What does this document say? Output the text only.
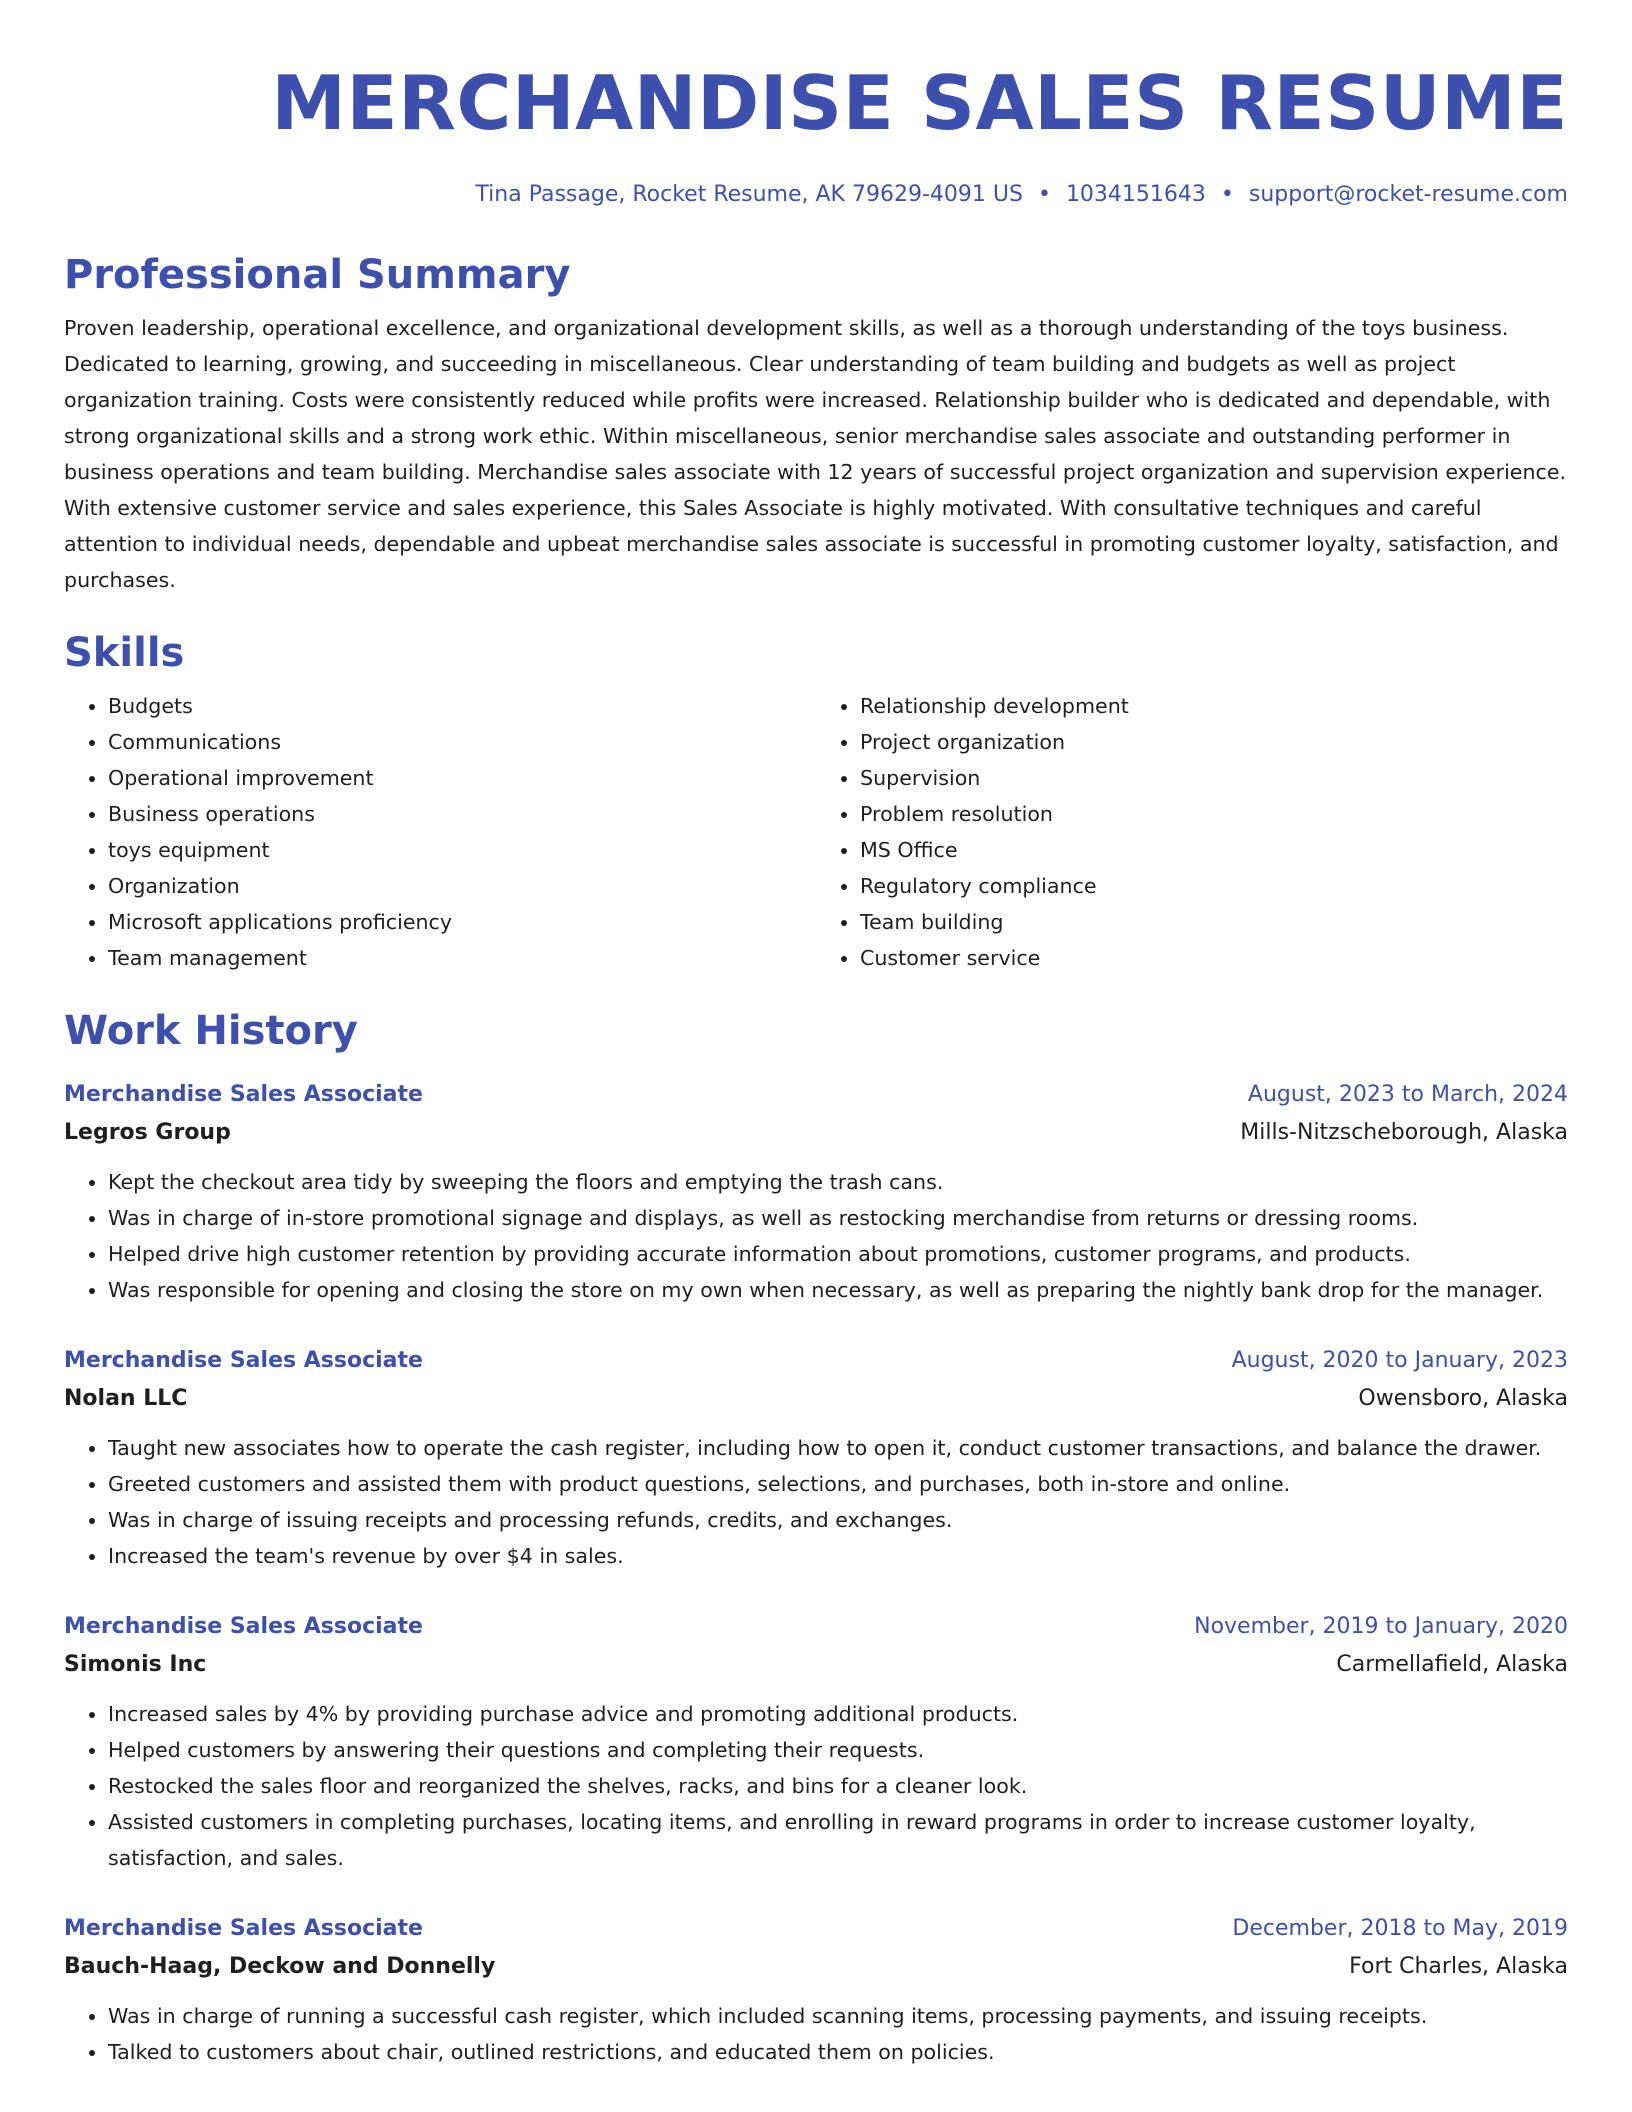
MERCHANDISE SALES RESUME
Tina Passage, Rocket Resume, AK 79629-4091 US • 1034151643 • support@rocket-resume.com
Professional Summary

Proven leadership, operational excellence, and organizational development skills, as well as a thorough understanding of the toys business. Dedicated to learning, growing, and succeeding in miscellaneous. Clear understanding of team building and budgets as well as project organization training. Costs were consistently reduced while profits were increased. Relationship builder who is dedicated and dependable, with strong organizational skills and a strong work ethic. Within miscellaneous, senior merchandise sales associate and outstanding performer in business operations and team building. Merchandise sales associate with 12 years of successful project organization and supervision experience. With extensive customer service and sales experience, this Sales Associate is highly motivated. With consultative techniques and careful attention to individual needs, dependable and upbeat merchandise sales associate is successful in promoting customer loyalty, satisfaction, and purchases.

Skills
• Budgets
• Communications
• Operational improvement
• Business operations
• toys equipment
• Organization
• Microsoft applications proficiency
• Team management
• Relationship development
• Project organization
• Supervision
• Problem resolution
• MS Office
• Regulatory compliance
• Team building
• Customer service
Work History
Merchandise Sales Associate	August, 2023 to March, 2024
Legros Group	Mills-Nitzscheborough, Alaska
• Kept the checkout area tidy by sweeping the floors and emptying the trash cans.
• Was in charge of in-store promotional signage and displays, as well as restocking merchandise from returns or dressing rooms.
• Helped drive high customer retention by providing accurate information about promotions, customer programs, and products.
• Was responsible for opening and closing the store on my own when necessary, as well as preparing the nightly bank drop for the manager.
Merchandise Sales Associate	August, 2020 to January, 2023
Nolan LLC	Owensboro, Alaska
• Taught new associates how to operate the cash register, including how to open it, conduct customer transactions, and balance the drawer.
• Greeted customers and assisted them with product questions, selections, and purchases, both in-store and online.
• Was in charge of issuing receipts and processing refunds, credits, and exchanges.
• Increased the team's revenue by over $4 in sales.
Merchandise Sales Associate	November, 2019 to January, 2020
Simonis Inc	Carmellafield, Alaska
• Increased sales by 4% by providing purchase advice and promoting additional products.
• Helped customers by answering their questions and completing their requests.
• Restocked the sales floor and reorganized the shelves, racks, and bins for a cleaner look.
• Assisted customers in completing purchases, locating items, and enrolling in reward programs in order to increase customer loyalty, satisfaction, and sales.
Merchandise Sales Associate	December, 2018 to May, 2019
Bauch-Haag, Deckow and Donnelly	Fort Charles, Alaska
• Was in charge of running a successful cash register, which included scanning items, processing payments, and issuing receipts.
• Talked to customers about chair, outlined restrictions, and educated them on policies.
